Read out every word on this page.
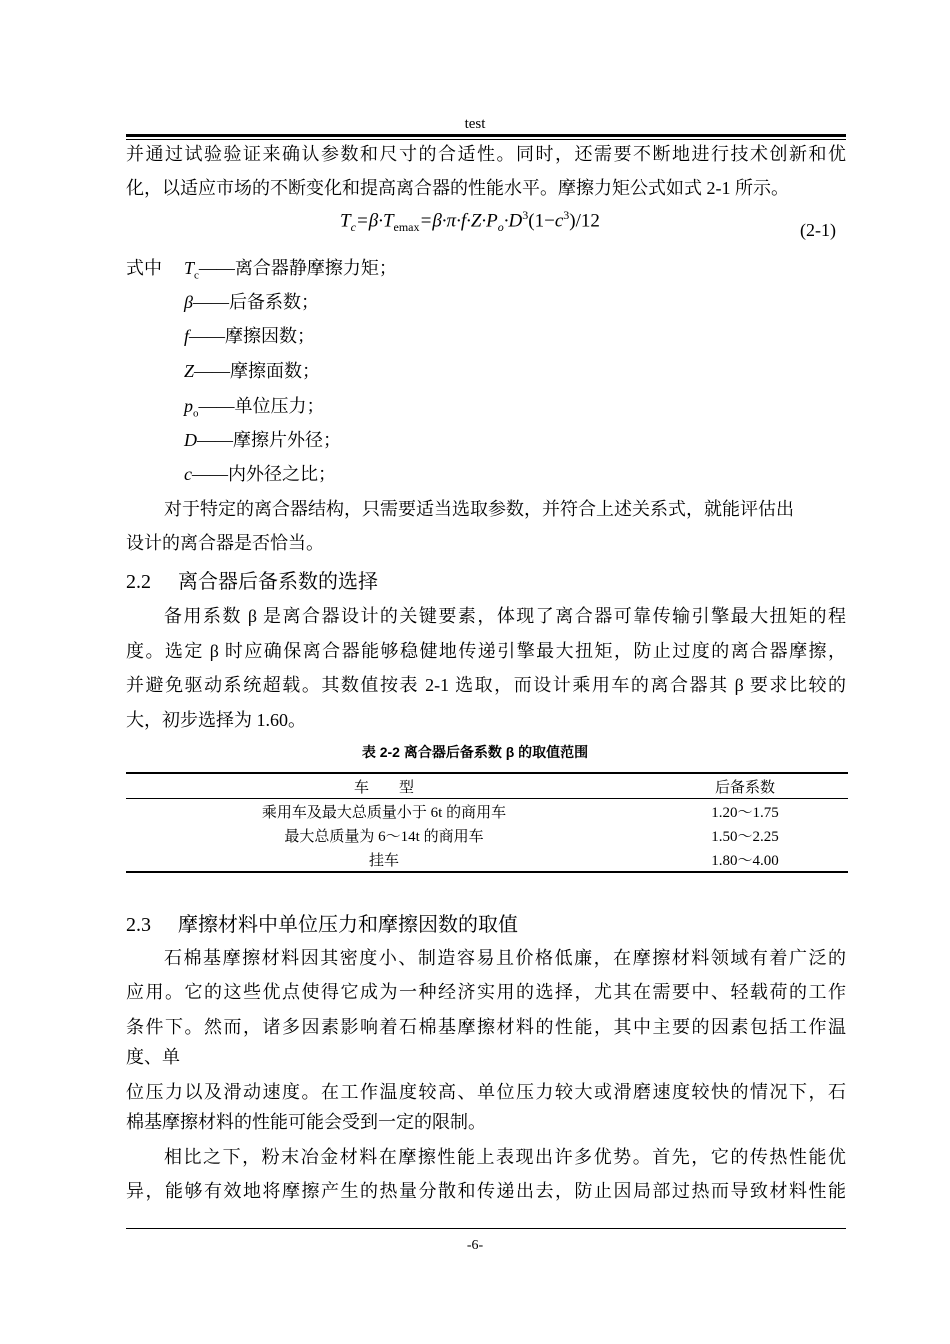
test
并通过试验验证来确认参数和尺寸的合适性。同时，还需要不断地进行技术创新和优
化，以适应市场的不断变化和提高离合器的性能水平。摩擦力矩公式如式 2-1 所示。
$T_c=\beta\cdot T_{emax}=\beta\cdot\pi\cdot f\cdot Z\cdot P_o\cdot D^3(1-c^3)/12$	(2-1)
式中 $T_c——$离合器静摩擦力矩；
β——后备系数；
f——摩擦因数；
Z——摩擦面数；
$p_o——$单位压力；
D——摩擦片外径；
c——内外径之比；
对于特定的离合器结构，只需要适当选取参数，并符合上述关系式，就能评估出
设计的离合器是否恰当。
2.2 离合器后备系数的选择
备用系数 β 是离合器设计的关键要素，体现了离合器可靠传输引擎最大扭矩的程
度。选定 β 时应确保离合器能够稳健地传递引擎最大扭矩，防止过度的离合器摩擦，
并避免驱动系统超载。其数值按表 2-1 选取，而设计乘用车的离合器其 β 要求比较的
大，初步选择为 1.60。
表 2-2 离合器后备系数 β 的取值范围
车　　型	后备系数
乘用车及最大总质量小于 6t 的商用车	1.20～1.75
最大总质量为 6～14t 的商用车	1.50～2.25
挂车	1.80～4.00
2.3 摩擦材料中单位压力和摩擦因数的取值
石棉基摩擦材料因其密度小、制造容易且价格低廉，在摩擦材料领域有着广泛的
应用。它的这些优点使得它成为一种经济实用的选择，尤其在需要中、轻载荷的工作
条件下。然而，诸多因素影响着石棉基摩擦材料的性能，其中主要的因素包括工作温
度、单
位压力以及滑动速度。在工作温度较高、单位压力较大或滑磨速度较快的情况下，石
棉基摩擦材料的性能可能会受到一定的限制。
相比之下，粉末冶金材料在摩擦性能上表现出许多优势。首先，它的传热性能优
异，能够有效地将摩擦产生的热量分散和传递出去，防止因局部过热而导致材料性能
-6-
